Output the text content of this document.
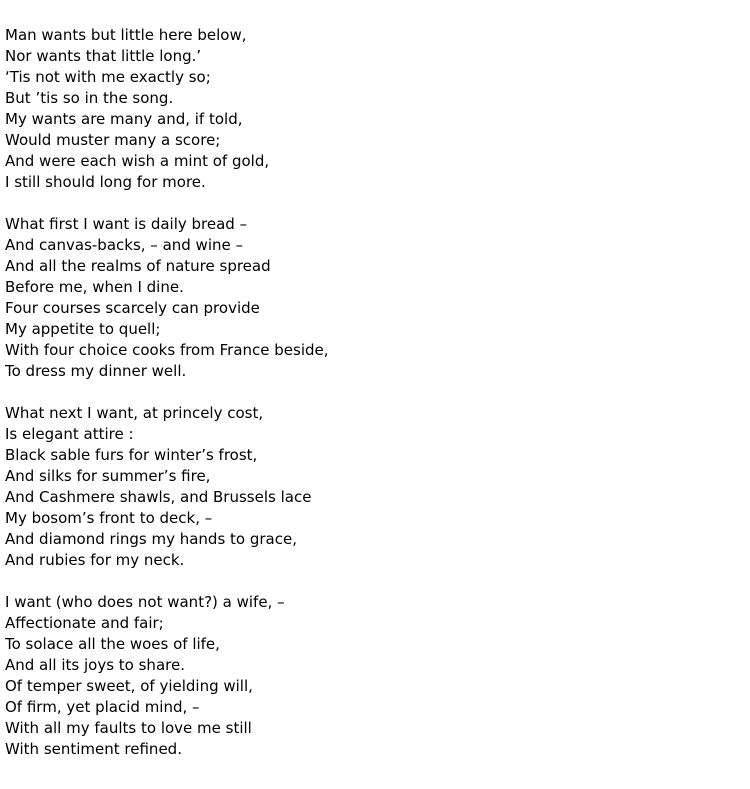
Man wants but little here below,
Nor wants that little long.’
‘Tis not with me exactly so;
But ’tis so in the song.
My wants are many and, if told,
Would muster many a score;
And were each wish a mint of gold,
I still should long for more.
What first I want is daily bread –
And canvas-backs, – and wine –
And all the realms of nature spread
Before me, when I dine.
Four courses scarcely can provide
My appetite to quell;
With four choice cooks from France beside,
To dress my dinner well.
What next I want, at princely cost,
Is elegant attire :
Black sable furs for winter’s frost,
And silks for summer’s fire,
And Cashmere shawls, and Brussels lace
My bosom’s front to deck, –
And diamond rings my hands to grace,
And rubies for my neck.
I want (who does not want?) a wife, –
Affectionate and fair;
To solace all the woes of life,
And all its joys to share.
Of temper sweet, of yielding will,
Of firm, yet placid mind, –
With all my faults to love me still
With sentiment refined.
